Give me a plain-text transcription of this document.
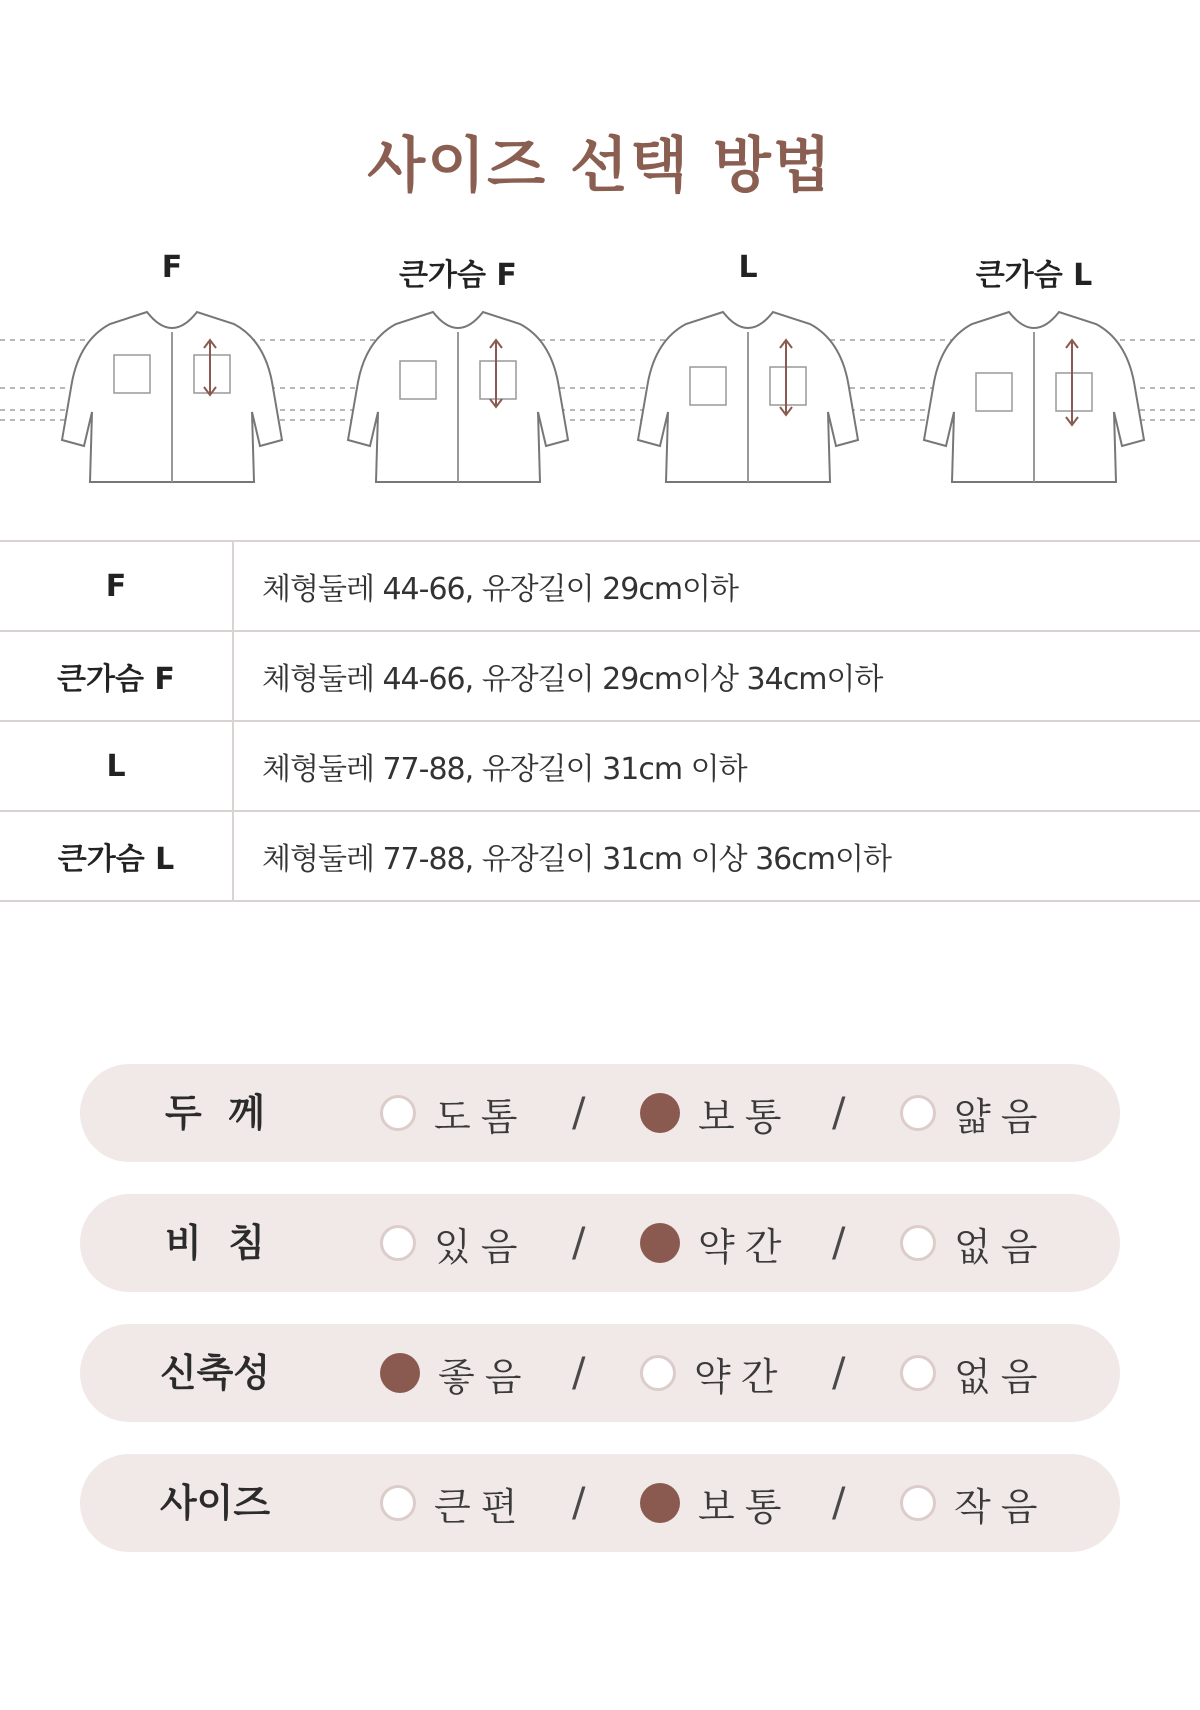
사이즈 선택 방법
F	큰가슴 F	L	큰가슴 L
F	체형둘레 44-66, 유장길이 29cm이하
큰가슴 F	체형둘레 44-66, 유장길이 29cm이상 34cm이하
L	체형둘레 77-88, 유장길이 31cm 이하
큰가슴 L	체형둘레 77-88, 유장길이 31cm 이상 36cm이하
두  께	도톰 /	보통 /	얇음
비  침	있음 /	약간 /	없음
신축성	좋음 /	약간 /	없음
사이즈	큰편 /	보통 /	작음
